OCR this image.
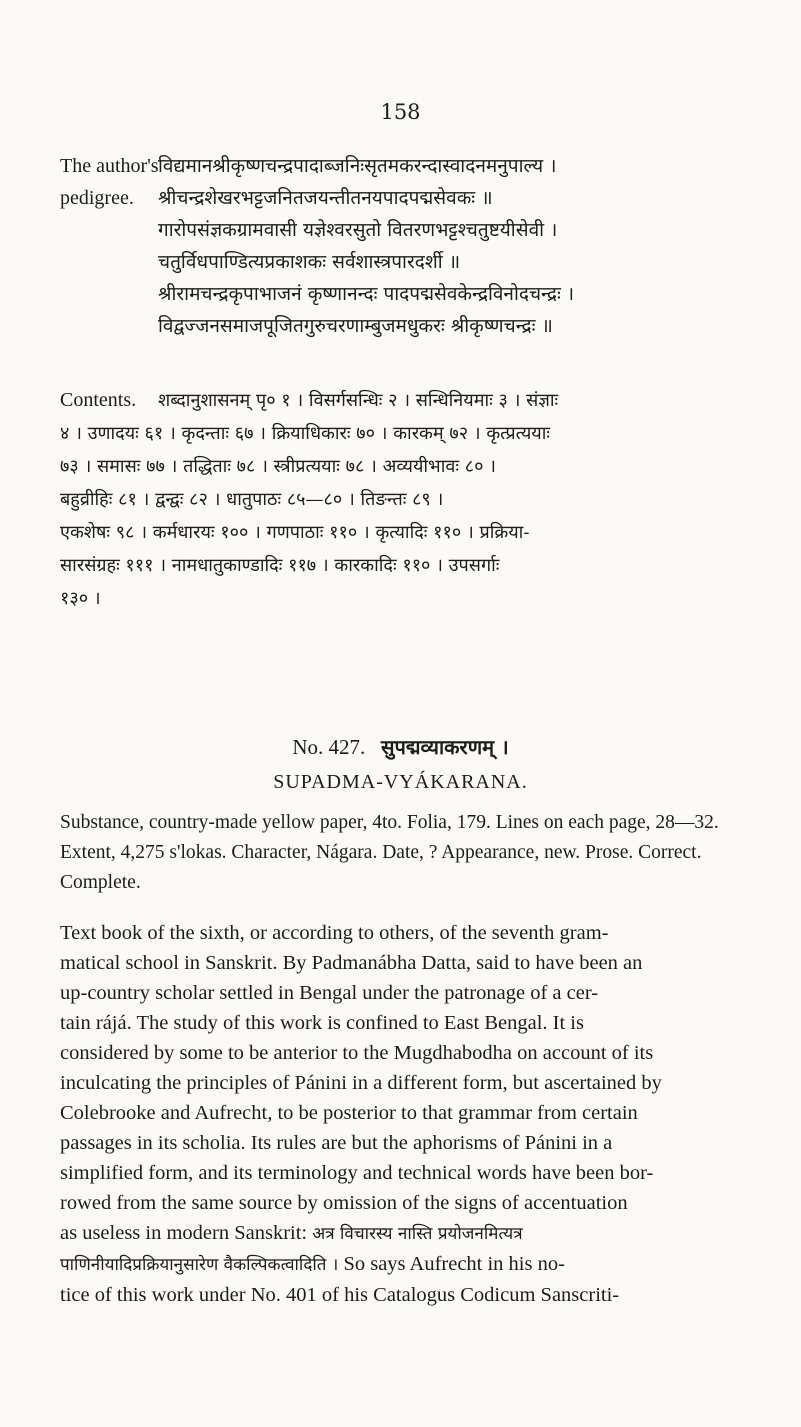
158
The author'sविद्यमानश्रीकृष्णचन्द्रपादाब्जनिःसृतमकरन्दास्वादनमनुपाल्य ।
pedigree. श्रीचन्द्रशेखरभट्टजनितजयन्तीतनयपादपद्मसेवकः ॥
गारोपसंज्ञकग्रामवासी यज्ञेश्वरसुतो वितरणभट्टश्चतुष्टयीसेवी ।
चतुर्विधपाण्डित्यप्रकाशकः सर्वशास्त्रपारदर्शी ॥
श्रीरामचन्द्रकृपाभाजनं कृष्णानन्दः पादपद्मसेवकेन्द्रविनोदचन्द्रः ।
विद्वज्जनसमाजपूजितगुरुचरणाम्बुजमधुकरः श्रीकृष्णचन्द्रः ॥
Contents. शब्दानुशासनम् पृ० १ । विसर्गसन्धिः २ । सन्धिनियमाः ३ । संज्ञाः
४ । उणादयः ६१ । कृदन्ताः ६७ । क्रियाधिकारः ७० । कारकम् ७२ । कृत्प्रत्ययाः
७३ । समासः ७७ । तद्धिताः ७८ । स्त्रीप्रत्ययाः ७८ । अव्ययीभावः ८० ।
बहुव्रीहिः ८१ । द्वन्द्वः ८२ । धातुपाठः ८५—८० । तिङन्तः ८९ ।
एकशेषः ९८ । कर्मधारयः १०० । गणपाठाः ११० । कृत्यादिः ११० । प्रक्रिया-
सारसंग्रहः १११ । नामधातुकाण्डादिः ११७ । कारकादिः ११० । उपसर्गाः
१३० ।
No. 427. सुपद्मव्याकरणम् ।
SUPADMA-VYÁKARANA.

Substance, country-made yellow paper, 4to. Folia, 179. Lines on each page, 28—32. Extent, 4,275 s'lokas. Character, Nágara. Date, ? Appearance, new. Prose. Correct. Complete.

Text book of the sixth, or according to others, of the seventh gram-
matical school in Sanskrit. By Padmanábha Datta, said to have been an
up-country scholar settled in Bengal under the patronage of a cer-
tain rájá. The study of this work is confined to East Bengal. It is
considered by some to be anterior to the Mugdhabodha on account of its
inculcating the principles of Pánini in a different form, but ascertained by
Colebrooke and Aufrecht, to be posterior to that grammar from certain
passages in its scholia. Its rules are but the aphorisms of Pánini in a
simplified form, and its terminology and technical words have been bor-
rowed from the same source by omission of the signs of accentuation
as useless in modern Sanskrit: अत्र विचारस्य नास्ति प्रयोजनमित्यत्र
पाणिनीयादिप्रक्रियानुसारेण वैकल्पिकत्वादिति । So says Aufrecht in his no-
tice of this work under No. 401 of his Catalogus Codicum Sanscriti-
